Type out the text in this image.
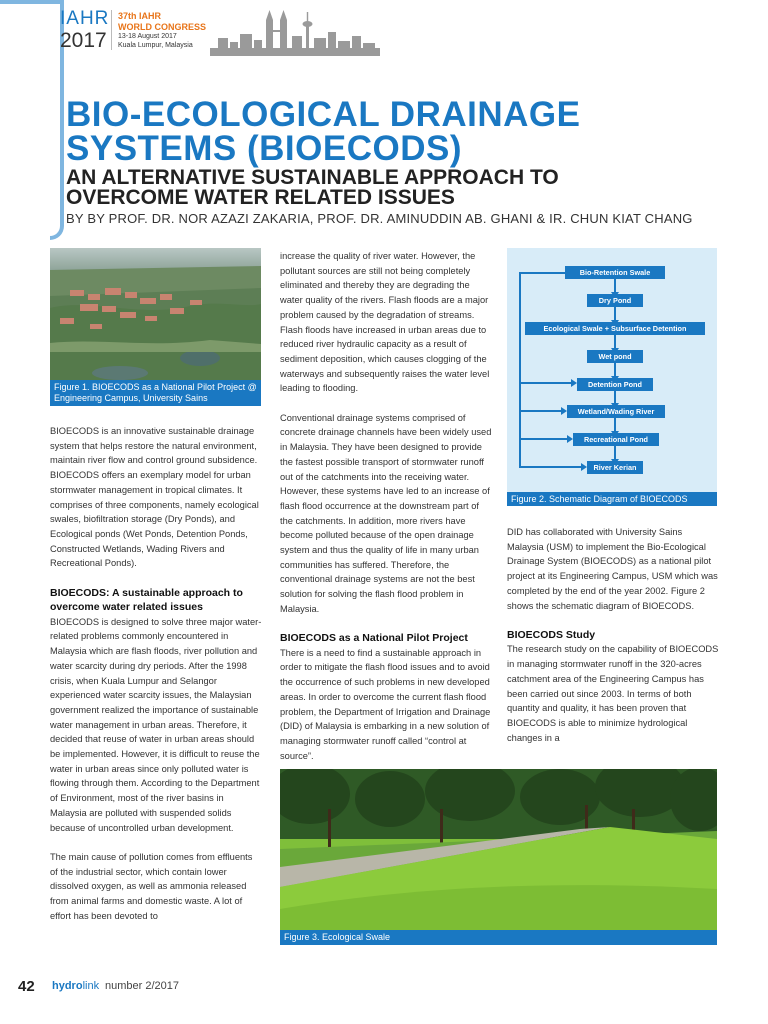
IAHR
2017
37th IAHR
WORLD CONGRESS
13-18 August 2017
Kuala Lumpur, Malaysia
BIO-ECOLOGICAL DRAINAGE
SYSTEMS (BIOECODS)
AN ALTERNATIVE SUSTAINABLE APPROACH TO
OVERCOME WATER RELATED ISSUES
BY BY PROF. DR. NOR AZAZI ZAKARIA, PROF. DR. AMINUDDIN AB. GHANI & IR. CHUN KIAT CHANG
Figure 1. BIOECODS as a National Pilot Project @ Engineering Campus, University Sains
Bio-Retention Swale
Dry Pond
Ecological Swale + Subsurface Detention
Wet pond
Detention Pond
Wetland/Wading River
Recreational Pond
River Kerian
Figure 2. Schematic Diagram of BIOECODS

BIOECODS is an innovative sustainable drainage system that helps restore the natural environment, maintain river flow and control ground subsidence. BIOECODS offers an exemplary model for urban stormwater management in tropical climates. It comprises of three components, namely ecological swales, biofiltration storage (Dry Ponds), and Ecological ponds (Wet Ponds, Detention Ponds, Constructed Wetlands, Wading Rivers and Recreational Ponds).

BIOECODS: A sustainable approach to overcome water related issues

BIOECODS is designed to solve three major water-related problems commonly encountered in Malaysia which are flash floods, river pollution and water scarcity during dry periods. After the 1998 crisis, when Kuala Lumpur and Selangor experienced water scarcity issues, the Malaysian government realized the importance of sustainable water management in urban areas. Therefore, it decided that reuse of water in urban areas should be implemented. However, it is difficult to reuse the water in urban areas since only polluted water is flowing through them. According to the Department of Environment, most of the river basins in Malaysia are polluted with suspended solids because of uncontrolled urban development.

The main cause of pollution comes from effluents of the industrial sector, which contain lower dissolved oxygen, as well as ammonia released from animal farms and domestic waste. A lot of effort has been devoted to

increase the quality of river water. However, the pollutant sources are still not being completely eliminated and thereby they are degrading the water quality of the rivers. Flash floods are a major problem caused by the degradation of streams. Flash floods have increased in urban areas due to reduced river hydraulic capacity as a result of sediment deposition, which causes clogging of the waterways and subsequently raises the water level leading to flooding.

Conventional drainage systems comprised of concrete drainage channels have been widely used in Malaysia. They have been designed to provide the fastest possible transport of stormwater runoff out of the catchments into the receiving water. However, these systems have led to an increase of flash flood occurrence at the downstream part of the catchments. In addition, more rivers have become polluted because of the open drainage system and thus the quality of life in many urban communities has suffered. Therefore, the conventional drainage systems are not the best solution for solving the flash flood problem in Malaysia.

BIOECODS as a National Pilot Project

There is a need to find a sustainable approach in order to mitigate the flash flood issues and to avoid the occurrence of such problems in new developed areas. In order to overcome the current flash flood problem, the Department of Irrigation and Drainage (DID) of Malaysia is embarking in a new solution of managing stormwater runoff called “control at source”.

DID has collaborated with University Sains Malaysia (USM) to implement the Bio-Ecological Drainage System (BIOECODS) as a national pilot project at its Engineering Campus, USM which was completed by the end of the year 2002. Figure 2 shows the schematic diagram of BIOECODS.

BIOECODS Study

The research study on the capability of BIOECODS in managing stormwater runoff in the 320-acres catchment area of the Engineering Campus has been carried out since 2003. In terms of both quantity and quality, it has been proven that BIOECODS is able to minimize hydrological changes in a

Figure 3. Ecological Swale
42 hydrolink number 2/2017
